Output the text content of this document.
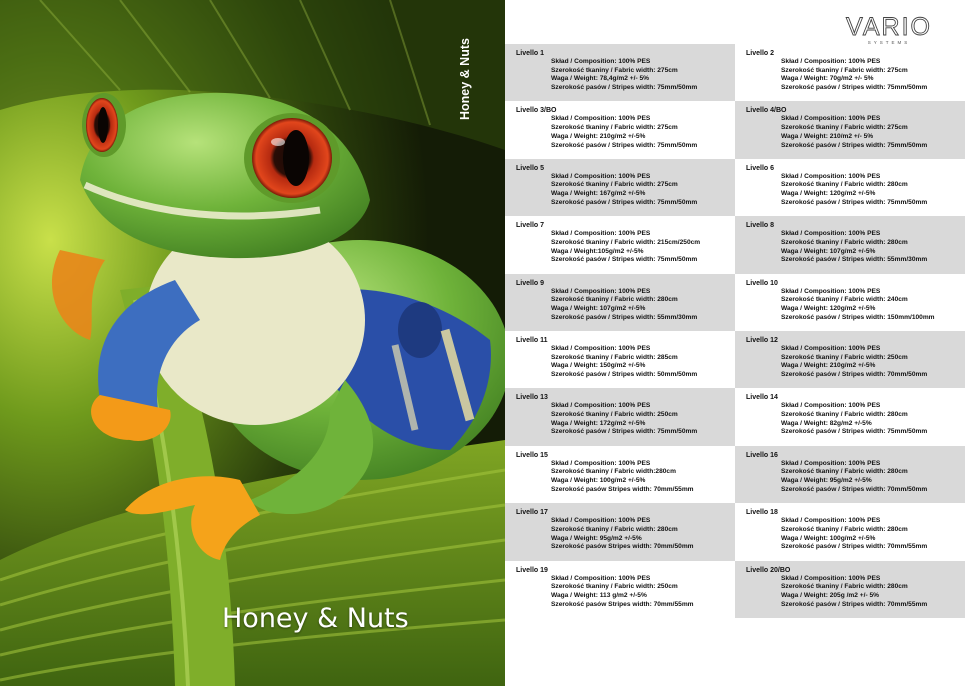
Honey & Nuts
Honey & Nuts
VARIO
SYSTEMS
Livello 1
Skład / Composition: 100% PES
Szerokość tkaniny / Fabric width: 275cm
Waga / Weight: 78,4g/m2 +/- 5%
Szerokość pasów / Stripes width: 75mm/50mm
Livello 2
Skład / Composition: 100% PES
Szerokość tkaniny / Fabric width: 275cm
Waga / Weight: 70g/m2 +/- 5%
Szerokość pasów / Stripes width: 75mm/50mm
Livello 3/BO
Skład / Composition: 100% PES
Szerokość tkaniny / Fabric width: 275cm
Waga / Weight: 210g/m2 +/-5%
Szerokość pasów / Stripes width: 75mm/50mm
Livello 4/BO
Skład / Composition: 100% PES
Szerokość tkaniny / Fabric width: 275cm
Waga / Weight: 210/m2 +/- 5%
Szerokość pasów / Stripes width: 75mm/50mm
Livello 5
Skład / Composition: 100% PES
Szerokość tkaniny / Fabric width: 275cm
Waga / Weight: 167g/m2 +/-5%
Szerokość pasów / Stripes width: 75mm/50mm
Livello 6
Skład / Composition: 100% PES
Szerokość tkaniny / Fabric width: 280cm
Waga / Weight: 120g/m2 +/-5%
Szerokość pasów / Stripes width: 75mm/50mm
Livello 7
Skład / Composition: 100% PES
Szerokość tkaniny / Fabric width: 215cm/250cm
Waga / Weight:105g/m2 +/-5%
Szerokość pasów / Stripes width: 75mm/50mm
Livello 8
Skład / Composition: 100% PES
Szerokość tkaniny / Fabric width: 280cm
Waga / Weight: 107g/m2 +/-5%
Szerokość pasów / Stripes width: 55mm/30mm
Livello 9
Skład / Composition: 100% PES
Szerokość tkaniny / Fabric width: 280cm
Waga / Weight: 107g/m2 +/-5%
Szerokość pasów / Stripes width: 55mm/30mm
Livello 10
Skład / Composition: 100% PES
Szerokość tkaniny / Fabric width: 240cm
Waga / Weight: 120g/m2 +/-5%
Szerokość pasów / Stripes width: 150mm/100mm
Livello 11
Skład / Composition: 100% PES
Szerokość tkaniny / Fabric width: 285cm
Waga / Weight: 150g/m2 +/-5%
Szerokość pasów / Stripes width: 50mm/50mm
Livello 12
Skład / Composition: 100% PES
Szerokość tkaniny / Fabric width: 250cm
Waga / Weight: 210g/m2 +/-5%
Szerokość pasów / Stripes width: 70mm/50mm
Livello 13
Skład / Composition: 100% PES
Szerokość tkaniny / Fabric width: 250cm
Waga / Weight: 172g/m2 +/-5%
Szerokość pasów / Stripes width: 75mm/50mm
Livello 14
Skład / Composition: 100% PES
Szerokość tkaniny / Fabric width: 280cm
Waga / Weight: 82g/m2 +/-5%
Szerokość pasów / Stripes width: 75mm/50mm
Livello 15
Skład / Composition: 100% PES
Szerokość tkaniny / Fabric width:280cm
Waga / Weight: 100g/m2 +/-5%
Szerokość pasów Stripes width: 70mm/55mm
Livello 16
Skład / Composition: 100% PES
Szerokość tkaniny / Fabric width: 280cm
Waga / Weight: 95g/m2 +/-5%
Szerokość pasów / Stripes width: 70mm/50mm
Livello 17
Skład / Composition: 100% PES
Szerokość tkaniny / Fabric width: 280cm
Waga / Weight: 95g/m2 +/-5%
Szerokość pasów Stripes width: 70mm/50mm
Livello 18
Skład / Composition: 100% PES
Szerokość tkaniny / Fabric width: 280cm
Waga / Weight: 100g/m2 +/-5%
Szerokość pasów / Stripes width: 70mm/55mm
Livello 19
Skład / Composition: 100% PES
Szerokość tkaniny / Fabric width: 250cm
Waga / Weight: 113 g/m2 +/-5%
Szerokość pasów Stripes width: 70mm/55mm
Livello 20/BO
Skład / Composition: 100% PES
Szerokość tkaniny / Fabric width: 280cm
Waga / Weight: 205g /m2 +/- 5%
Szerokość pasów / Stripes width: 70mm/55mm
